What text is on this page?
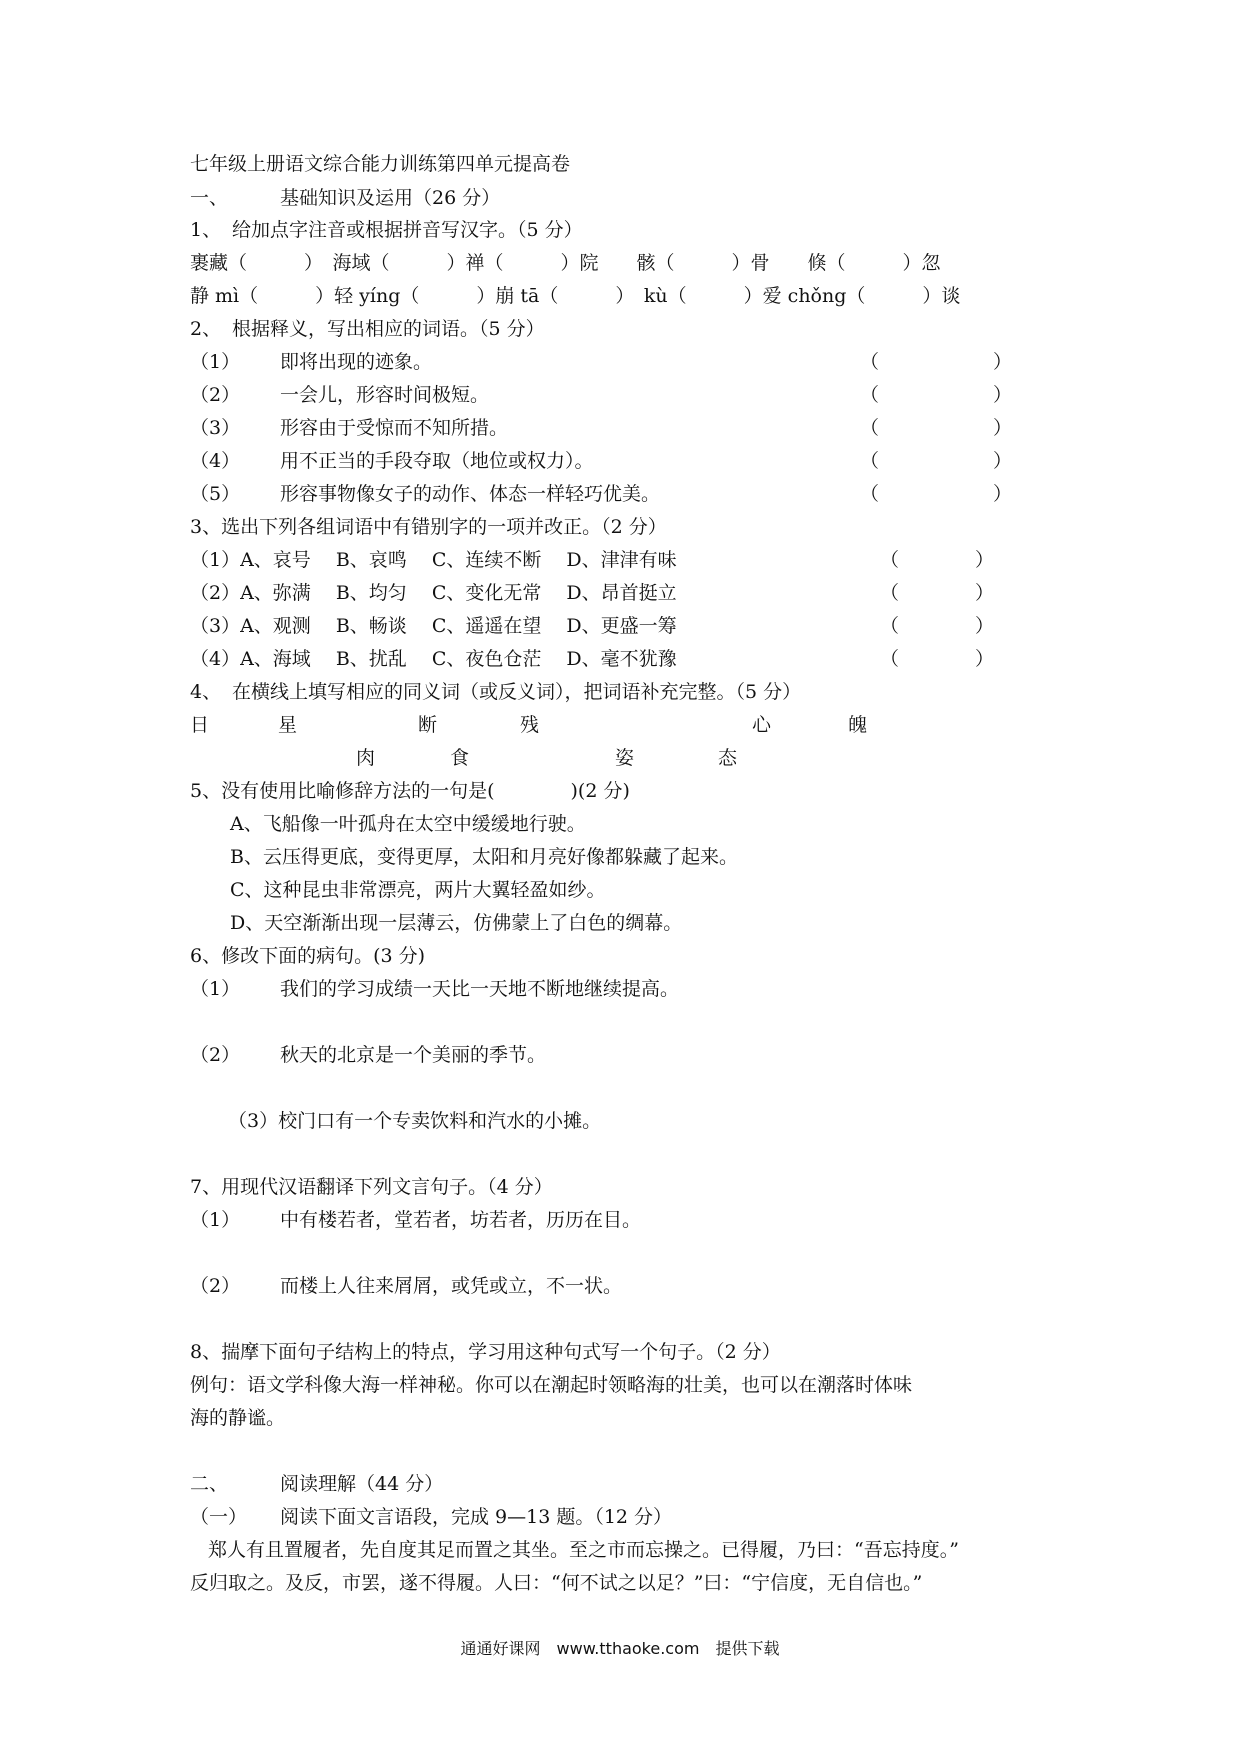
七年级上册语文综合能力训练第四单元提高卷
一、	基础知识及运用（26 分）
1、 给加点字注音或根据拼音写汉字。（5 分）
裹藏（　　　）　海域（　　　）禅（　　　）院　　骸（　　　）骨　　倏（　　　）忽
静 mì（　　　）轻 yíng（　　　）崩 tā（　　　）　kù（　　　）爱 chǒng（　　　）谈
2、 根据释义，写出相应的词语。（5 分）
（1） 即将出现的迹象。	（　　　　　　）
（2） 一会儿，形容时间极短。	（　　　　　　）
（3） 形容由于受惊而不知所措。	（　　　　　　）
（4） 用不正当的手段夺取（地位或权力）。	（　　　　　　）
（5） 形容事物像女子的动作、体态一样轻巧优美。	（　　　　　　）
3、选出下列各组词语中有错别字的一项并改正。（2 分）
（1）A、哀号　 B、哀鸣　 C、连续不断　 D、津津有味	（　　　　）
（2）A、弥满　 B、均匀　 C、变化无常　 D、昂首挺立	（　　　　）
（3）A、观测　 B、畅谈　 C、遥遥在望　 D、更盛一筹	（　　　　）
（4）A、海域　 B、扰乱　 C、夜色仓茫　 D、毫不犹豫	（　　　　）
4、 在横线上填写相应的同义词（或反义词），把词语补充完整。（5 分）
日	星	断	残	心	魄
肉	食	姿	态
5、没有使用比喻修辞方法的一句是(　　　　)(2 分)
A、飞船像一叶孤舟在太空中缓缓地行驶。
B、云压得更底，变得更厚，太阳和月亮好像都躲藏了起来。
C、这种昆虫非常漂亮，两片大翼轻盈如纱。
D、天空渐渐出现一层薄云，仿佛蒙上了白色的绸幕。
6、修改下面的病句。(3 分)
（1） 我们的学习成绩一天比一天地不断地继续提高。
（2） 秋天的北京是一个美丽的季节。
（3）校门口有一个专卖饮料和汽水的小摊。
7、用现代汉语翻译下列文言句子。（4 分）
（1） 中有楼若者，堂若者，坊若者，历历在目。
（2） 而楼上人往来屑屑，或凭或立，不一状。
8、揣摩下面句子结构上的特点，学习用这种句式写一个句子。（2 分）
例句：语文学科像大海一样神秘。你可以在潮起时领略海的壮美，也可以在潮落时体味
海的静谧。
二、	阅读理解（44 分）
（一） 阅读下面文言语段，完成 9—13 题。（12 分）
郑人有且置履者，先自度其足而置之其坐。至之市而忘操之。已得履，乃曰：“吾忘持度。”
反归取之。及反，市罢，遂不得履。人曰：“何不试之以足？”曰：“宁信度，无自信也。”
通通好课网　www.tthaoke.com　提供下载
